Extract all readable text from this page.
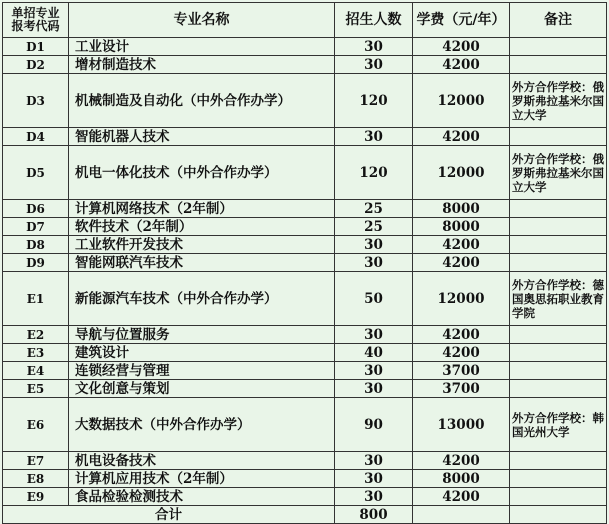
单招专业
报考代码	专业名称	招生人数	学费（元/年）	备注
D1	工业设计	30	4200	
D2	增材制造技术	30	4200	
D3	机械制造及自动化（中外合作办学）	120	12000	外方合作学校：俄罗斯弗拉基米尔国立大学
D4	智能机器人技术	30	4200	
D5	机电一体化技术（中外合作办学）	120	12000	外方合作学校：俄罗斯弗拉基米尔国立大学
D6	计算机网络技术（2年制）	25	8000	
D7	软件技术（2年制）	25	8000	
D8	工业软件开发技术	30	4200	
D9	智能网联汽车技术	30	4200	
E1	新能源汽车技术（中外合作办学）	50	12000	外方合作学校：德国奥思拓职业教育学院
E2	导航与位置服务	30	4200	
E3	建筑设计	40	4200	
E4	连锁经营与管理	30	3700	
E5	文化创意与策划	30	3700	
E6	大数据技术（中外合作办学）	90	13000	外方合作学校：韩国光州大学
E7	机电设备技术	30	4200	
E8	计算机应用技术（2年制）	30	8000	
E9	食品检验检测技术	30	4200	
合计		800		
